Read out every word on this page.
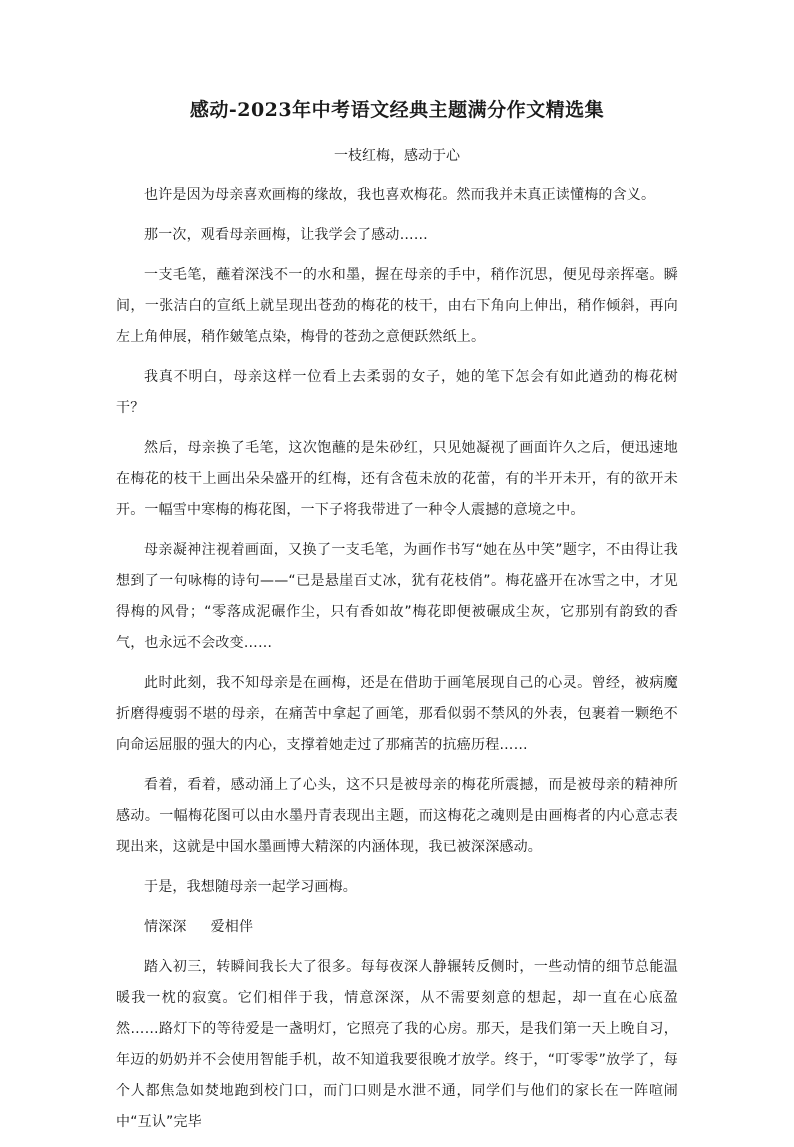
感动-2023年中考语文经典主题满分作文精选集
一枝红梅，感动于心

也许是因为母亲喜欢画梅的缘故，我也喜欢梅花。然而我并未真正读懂梅的含义。

那一次，观看母亲画梅，让我学会了感动……

一支毛笔，蘸着深浅不一的水和墨，握在母亲的手中，稍作沉思，便见母亲挥毫。瞬间，一张洁白的宣纸上就呈现出苍劲的梅花的枝干，由右下角向上伸出，稍作倾斜，再向左上角伸展，稍作皴笔点染，梅骨的苍劲之意便跃然纸上。

我真不明白，母亲这样一位看上去柔弱的女子，她的笔下怎会有如此遒劲的梅花树干？

然后，母亲换了毛笔，这次饱蘸的是朱砂红，只见她凝视了画面许久之后，便迅速地在梅花的枝干上画出朵朵盛开的红梅，还有含苞未放的花蕾，有的半开未开，有的欲开未开。一幅雪中寒梅的梅花图，一下子将我带进了一种令人震撼的意境之中。

母亲凝神注视着画面，又换了一支毛笔，为画作书写“她在丛中笑”题字，不由得让我想到了一句咏梅的诗句——“已是悬崖百丈冰，犹有花枝俏”。梅花盛开在冰雪之中，才见得梅的风骨；“零落成泥碾作尘，只有香如故”梅花即便被碾成尘灰，它那别有韵致的香气，也永远不会改变……

此时此刻，我不知母亲是在画梅，还是在借助于画笔展现自己的心灵。曾经，被病魔折磨得瘦弱不堪的母亲，在痛苦中拿起了画笔，那看似弱不禁风的外表，包裹着一颗绝不向命运屈服的强大的内心，支撑着她走过了那痛苦的抗癌历程……

看着，看着，感动涌上了心头，这不只是被母亲的梅花所震撼，而是被母亲的精神所感动。一幅梅花图可以由水墨丹青表现出主题，而这梅花之魂则是由画梅者的内心意志表现出来，这就是中国水墨画博大精深的内涵体现，我已被深深感动。

于是，我想随母亲一起学习画梅。

情深深 爱相伴

踏入初三，转瞬间我长大了很多。每每夜深人静辗转反侧时，一些动情的细节总能温暖我一枕的寂寞。它们相伴于我，情意深深，从不需要刻意的想起，却一直在心底盈然……路灯下的等待爱是一盏明灯，它照亮了我的心房。那天，是我们第一天上晚自习，年迈的奶奶并不会使用智能手机，故不知道我要很晚才放学。终于，“叮零零”放学了，每个人都焦急如焚地跑到校门口，而门口则是水泄不通，同学们与他们的家长在一阵喧闹中“互认”完毕
